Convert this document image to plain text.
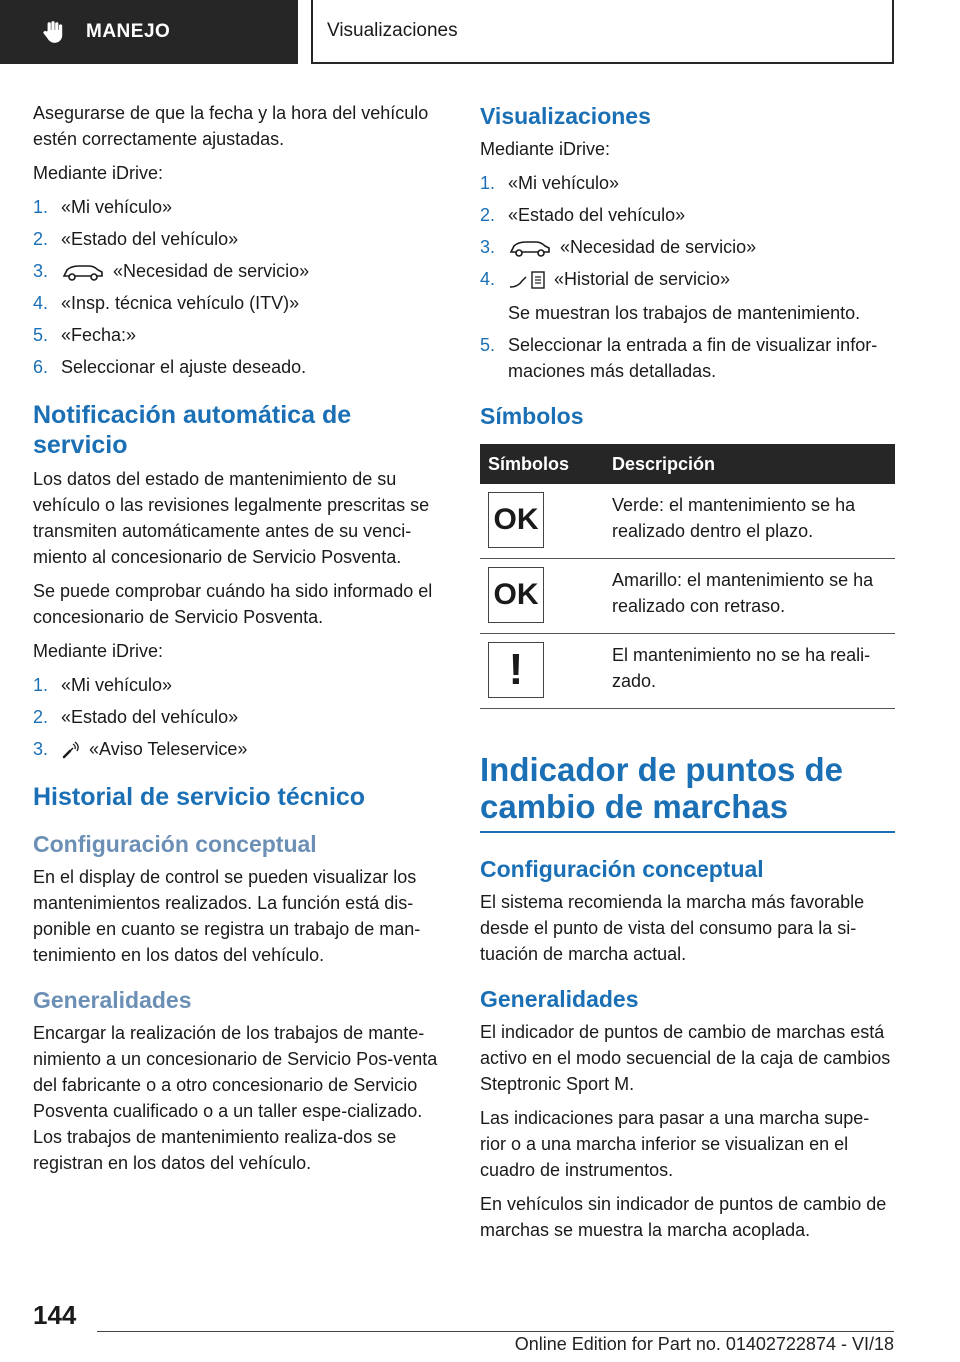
MANEJO	Visualizaciones

Asegurarse de que la fecha y la hora del vehículo estén correctamente ajustadas.

Mediante iDrive:

1. «Mi vehículo»
2. «Estado del vehículo»
3.	«Necesidad de servicio»
4. «Insp. técnica vehículo (ITV)»
5. «Fecha:»
6. Seleccionar el ajuste deseado.
Notificación automática de servicio

Los datos del estado de mantenimiento de su vehículo o las revisiones legalmente prescritas se transmiten automáticamente antes de su venci-miento al concesionario de Servicio Posventa.

Se puede comprobar cuándo ha sido informado el concesionario de Servicio Posventa.

Mediante iDrive:

1. «Mi vehículo»
2. «Estado del vehículo»
3.	«Aviso Teleservice»
Historial de servicio técnico
Configuración conceptual

En el display de control se pueden visualizar los mantenimientos realizados. La función está dis-ponible en cuanto se registra un trabajo de man-tenimiento en los datos del vehículo.

Generalidades

Encargar la realización de los trabajos de mante-nimiento a un concesionario de Servicio Pos-venta del fabricante o a otro concesionario de Servicio Posventa cualificado o a un taller espe-cializado. Los trabajos de mantenimiento realiza-dos se registran en los datos del vehículo.

Visualizaciones

Mediante iDrive:

1. «Mi vehículo»
2. «Estado del vehículo»
3.	«Necesidad de servicio»
4.	«Historial de servicio»
Se muestran los trabajos de mantenimiento.
5. Seleccionar la entrada a fin de visualizar infor-maciones más detalladas.
Símbolos
Símbolos	Descripción

OK	Verde: el mantenimiento se ha realizado dentro el plazo.

OK	Amarillo: el mantenimiento se ha realizado con retraso.

!	El mantenimiento no se ha reali-zado.
Indicador de puntos de cambio de marchas
Configuración conceptual

El sistema recomienda la marcha más favorable desde el punto de vista del consumo para la si-tuación de marcha actual.

Generalidades

El indicador de puntos de cambio de marchas está activo en el modo secuencial de la caja de cambios Steptronic Sport M.

Las indicaciones para pasar a una marcha supe-rior o a una marcha inferior se visualizan en el cuadro de instrumentos.

En vehículos sin indicador de puntos de cambio de marchas se muestra la marcha acoplada.

144
Online Edition for Part no. 01402722874 - VI/18
